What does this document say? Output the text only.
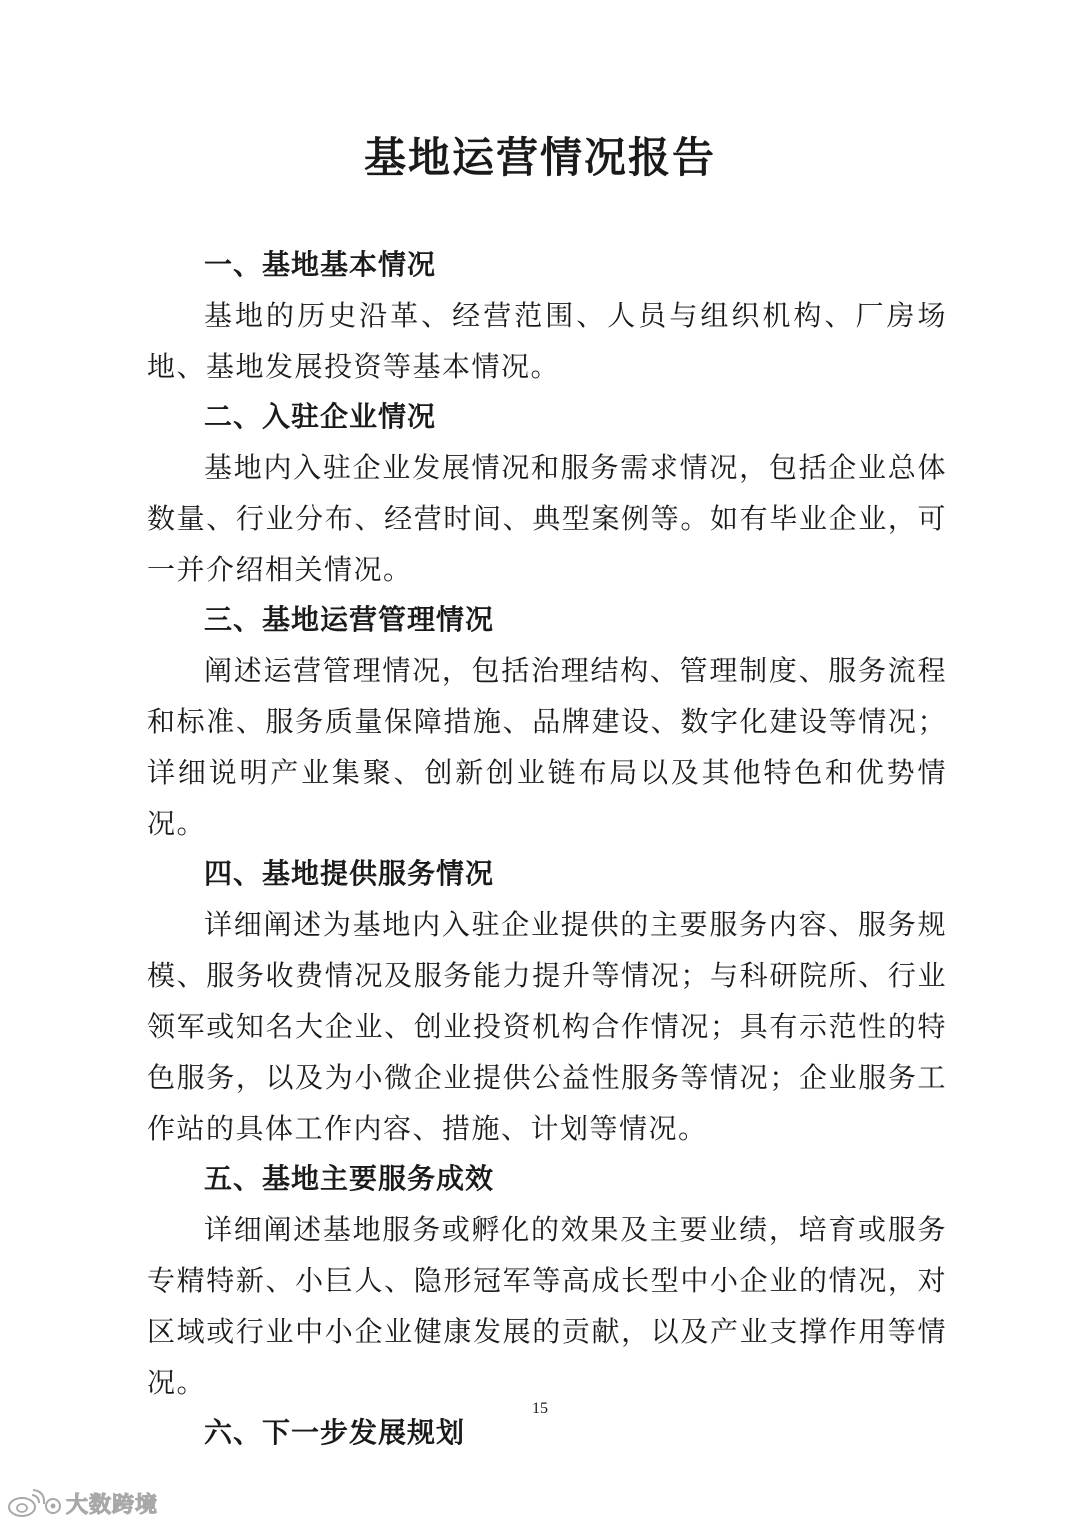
基地运营情况报告

一、基地基本情况

基地的历史沿革、经营范围、人员与组织机构、厂房场地、基地发展投资等基本情况。

二、入驻企业情况

基地内入驻企业发展情况和服务需求情况，包括企业总体数量、行业分布、经营时间、典型案例等。如有毕业企业，可一并介绍相关情况。

三、基地运营管理情况

阐述运营管理情况，包括治理结构、管理制度、服务流程和标准、服务质量保障措施、品牌建设、数字化建设等情况；详细说明产业集聚、创新创业链布局以及其他特色和优势情况。

四、基地提供服务情况

详细阐述为基地内入驻企业提供的主要服务内容、服务规模、服务收费情况及服务能力提升等情况；与科研院所、行业领军或知名大企业、创业投资机构合作情况；具有示范性的特色服务，以及为小微企业提供公益性服务等情况；企业服务工作站的具体工作内容、措施、计划等情况。

五、基地主要服务成效

详细阐述基地服务或孵化的效果及主要业绩，培育或服务专精特新、小巨人、隐形冠军等高成长型中小企业的情况，对区域或行业中小企业健康发展的贡献，以及产业支撑作用等情况。

六、下一步发展规划

15
大数跨境
